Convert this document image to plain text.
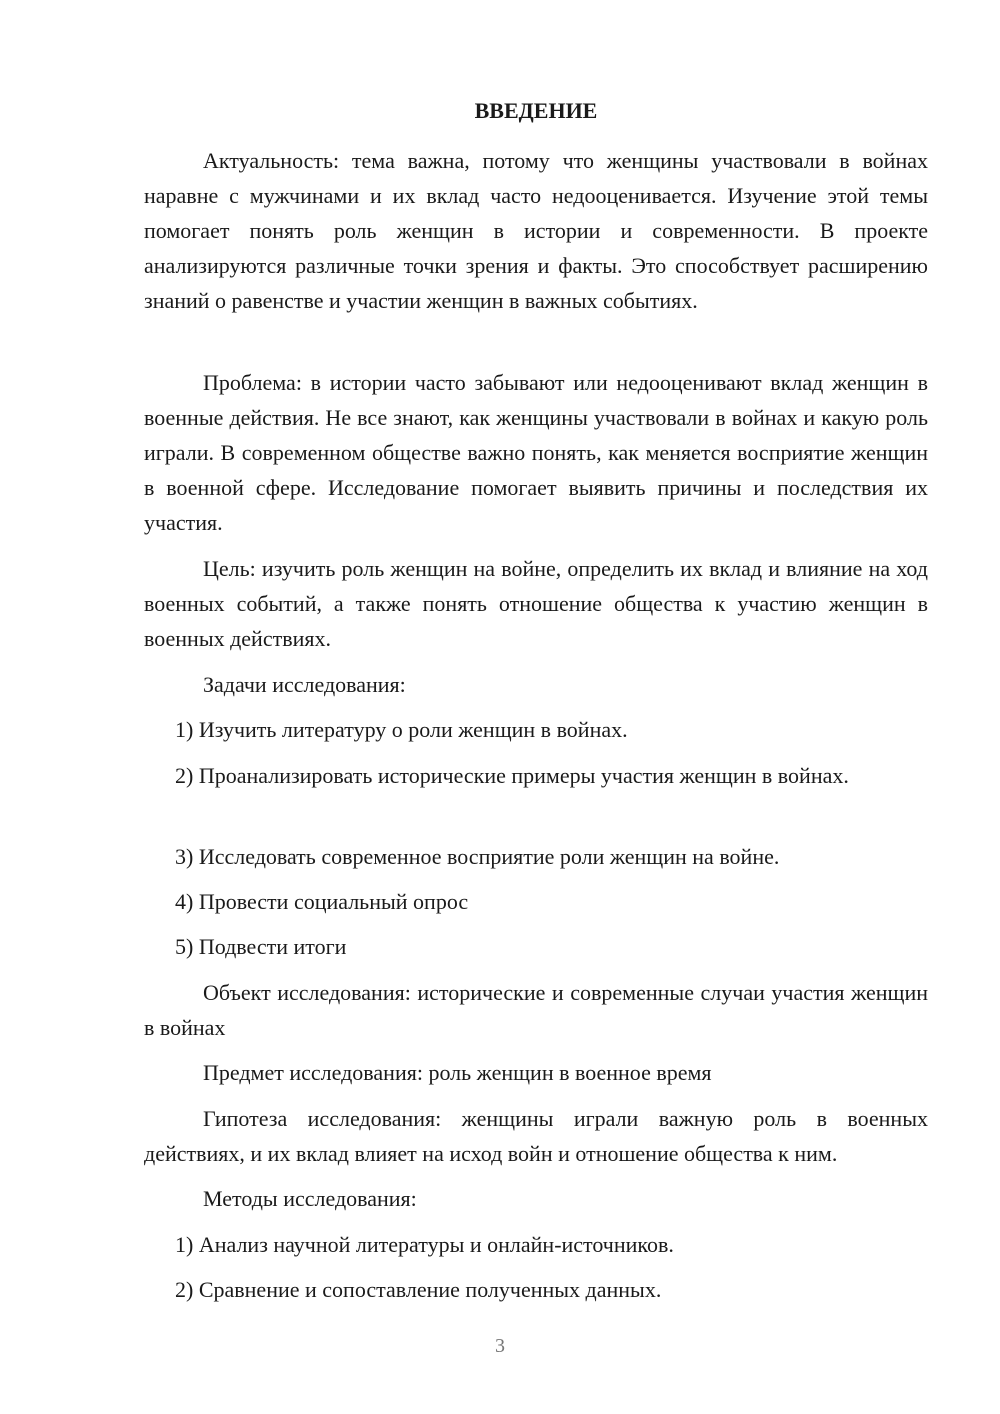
ВВЕДЕНИЕ

Актуальность: тема важна, потому что женщины участвовали в войнах наравне с мужчинами и их вклад часто недооценивается. Изучение этой темы помогает понять роль женщин в истории и современности. В проекте анализируются различные точки зрения и факты. Это способствует расширению знаний о равенстве и участии женщин в важных событиях.

Проблема: в истории часто забывают или недооценивают вклад женщин в военные действия. Не все знают, как женщины участвовали в войнах и какую роль играли. В современном обществе важно понять, как меняется восприятие женщин в военной сфере. Исследование помогает выявить причины и последствия их участия.

Цель: изучить роль женщин на войне, определить их вклад и влияние на ход военных событий, а также понять отношение общества к участию женщин в военных действиях.

Задачи исследования:

1) Изучить литературу о роли женщин в войнах.

2) Проанализировать исторические примеры участия женщин в войнах.

3) Исследовать современное восприятие роли женщин на войне.

4) Провести социальный опрос

5) Подвести итоги

Объект исследования: исторические и современные случаи участия женщин в войнах

Предмет исследования: роль женщин в военное время

Гипотеза исследования: женщины играли важную роль в военных действиях, и их вклад влияет на исход войн и отношение общества к ним.

Методы исследования:

1) Анализ научной литературы и онлайн-источников.

2) Сравнение и сопоставление полученных данных.

3
